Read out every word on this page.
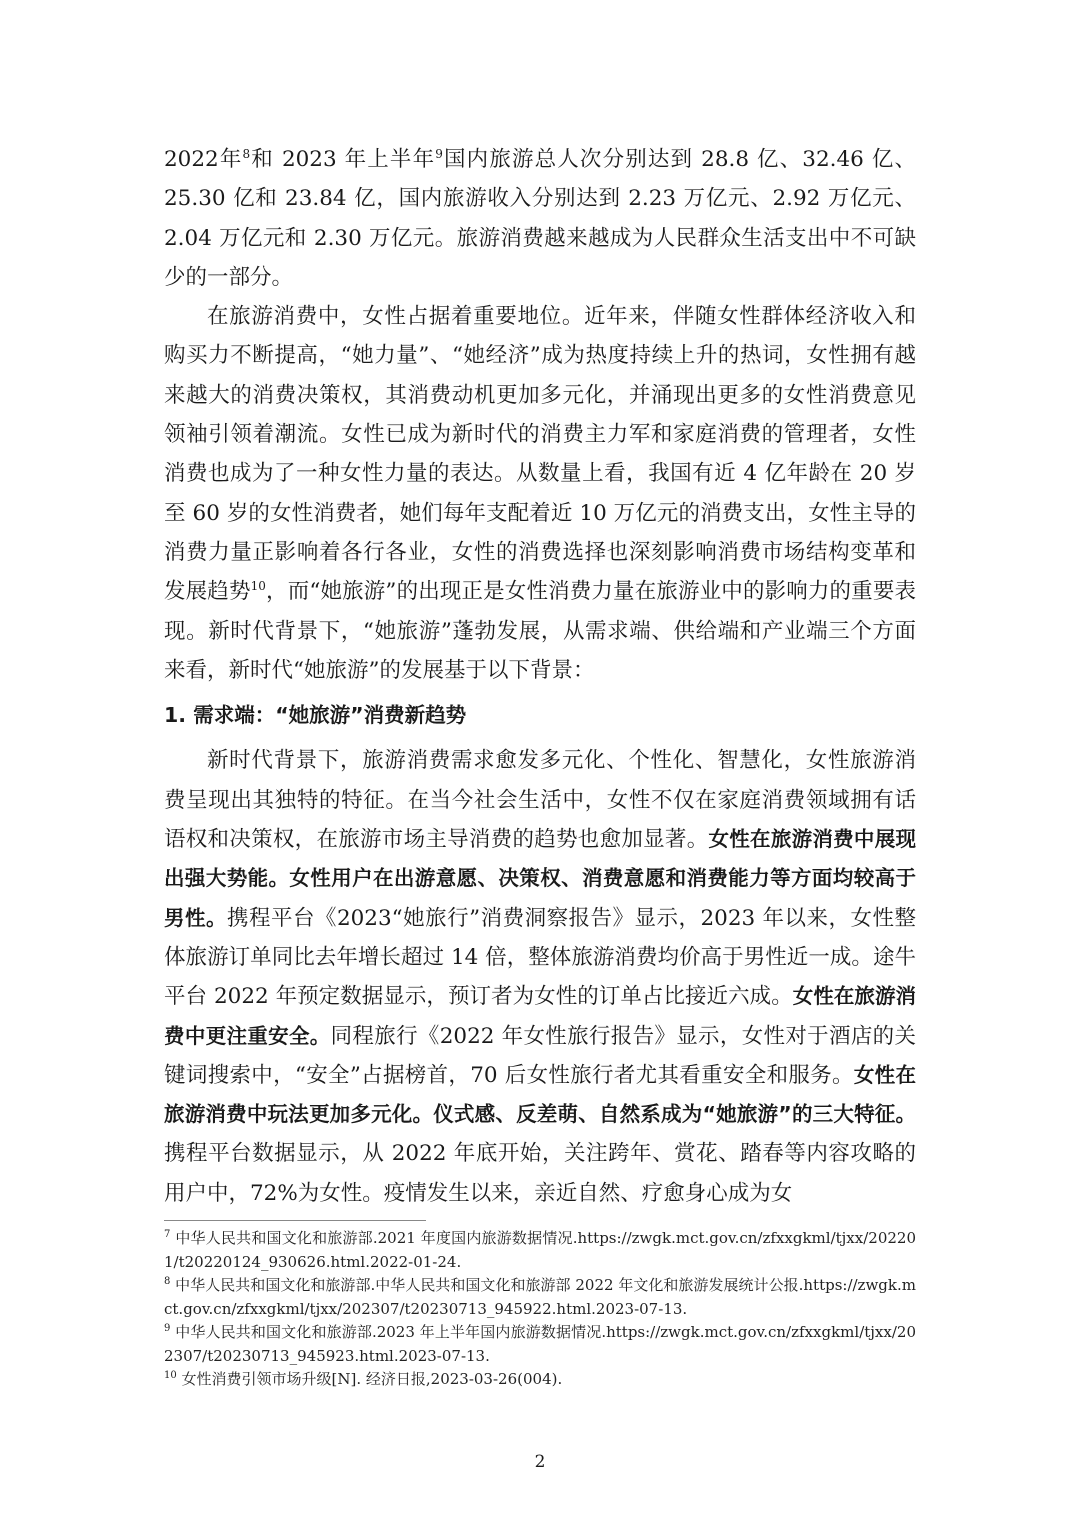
2022年$^8$和 2023 年上半年$^9$国内旅游总人次分别达到 28.8 亿、32.46 亿、25.30 亿和 23.84 亿，国内旅游收入分别达到 2.23 万亿元、2.92 万亿元、2.04 万亿元和 2.30 万亿元。旅游消费越来越成为人民群众生活支出中不可缺少的一部分。

在旅游消费中，女性占据着重要地位。近年来，伴随女性群体经济收入和购买力不断提高，“她力量”、“她经济”成为热度持续上升的热词，女性拥有越来越大的消费决策权，其消费动机更加多元化，并涌现出更多的女性消费意见领袖引领着潮流。女性已成为新时代的消费主力军和家庭消费的管理者，女性消费也成为了一种女性力量的表达。从数量上看，我国有近 4 亿年龄在 20 岁至 60 岁的女性消费者，她们每年支配着近 10 万亿元的消费支出，女性主导的消费力量正影响着各行各业，女性的消费选择也深刻影响消费市场结构变革和发展趋势$^{10}$，而“她旅游”的出现正是女性消费力量在旅游业中的影响力的重要表现。新时代背景下，“她旅游”蓬勃发展，从需求端、供给端和产业端三个方面来看，新时代“她旅游”的发展基于以下背景：

1. 需求端：“她旅游”消费新趋势

新时代背景下，旅游消费需求愈发多元化、个性化、智慧化，女性旅游消费呈现出其独特的特征。在当今社会生活中，女性不仅在家庭消费领域拥有话语权和决策权，在旅游市场主导消费的趋势也愈加显著。女性在旅游消费中展现出强大势能。女性用户在出游意愿、决策权、消费意愿和消费能力等方面均较高于男性。携程平台《2023“她旅行”消费洞察报告》显示，2023 年以来，女性整体旅游订单同比去年增长超过 14 倍，整体旅游消费均价高于男性近一成。途牛平台 2022 年预定数据显示，预订者为女性的订单占比接近六成。女性在旅游消费中更注重安全。同程旅行《2022 年女性旅行报告》显示，女性对于酒店的关键词搜索中，“安全”占据榜首，70 后女性旅行者尤其看重安全和服务。女性在旅游消费中玩法更加多元化。仪式感、反差萌、自然系成为“她旅游”的三大特征。携程平台数据显示，从 2022 年底开始，关注跨年、赏花、踏春等内容攻略的用户中，72%为女性。疫情发生以来，亲近自然、疗愈身心成为女

$^7$ 中华人民共和国文化和旅游部.2021 年度国内旅游数据情况.https://zwgk.mct.gov.cn/zfxxgkml/tjxx/202201/t20220124_930626.html.2022-01-24.

$^8$ 中华人民共和国文化和旅游部.中华人民共和国文化和旅游部 2022 年文化和旅游发展统计公报.https://zwgk.mct.gov.cn/zfxxgkml/tjxx/202307/t20230713_945922.html.2023-07-13.

$^9$ 中华人民共和国文化和旅游部.2023 年上半年国内旅游数据情况.https://zwgk.mct.gov.cn/zfxxgkml/tjxx/202307/t20230713_945923.html.2023-07-13.

$^{10}$ 女性消费引领市场升级[N]. 经济日报,2023-03-26(004).

2
